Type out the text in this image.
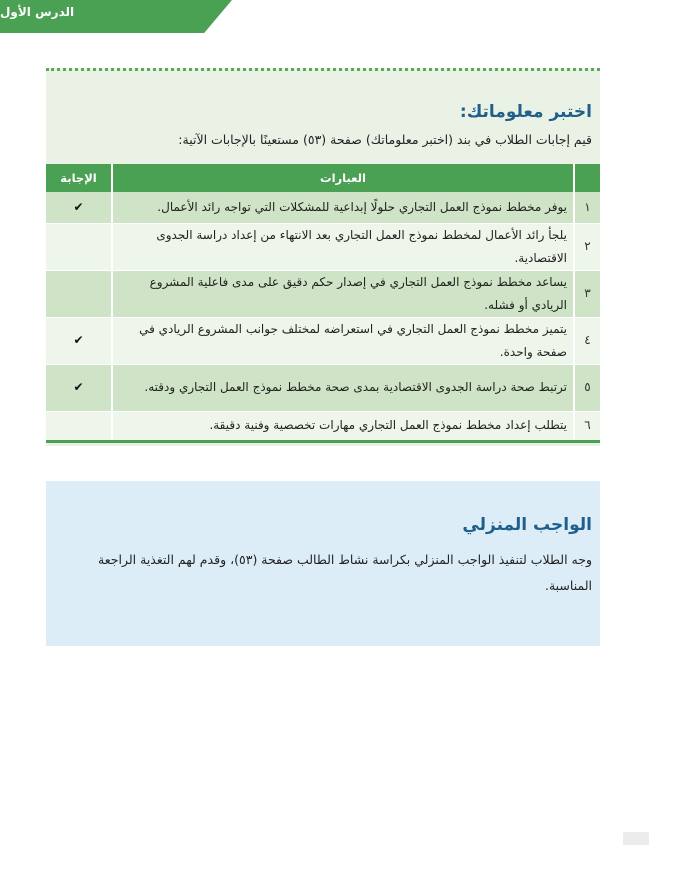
الدرس الأول
اختبر معلوماتك:
قيم إجابات الطلاب في بند (اختبر معلوماتك) صفحة (٥٣) مستعينًا بالإجابات الآتية:
	العبارات	الإجابة
١	يوفر مخطط نموذج العمل التجاري حلولًا إبداعية للمشكلات التي تواجه رائد الأعمال.	✔
٢	يلجأ رائد الأعمال لمخطط نموذج العمل التجاري بعد الانتهاء من إعداد دراسة الجدوى الاقتصادية.	
٣	يساعد مخطط نموذج العمل التجاري في إصدار حكم دقيق على مدى فاعلية المشروع الريادي أو فشله.	
٤	يتميز مخطط نموذج العمل التجاري في استعراضه لمختلف جوانب المشروع الريادي في صفحة واحدة.	✔
٥	ترتبط صحة دراسة الجدوى الاقتصادية بمدى صحة مخطط نموذج العمل التجاري ودقته.	✔
٦	يتطلب إعداد مخطط نموذج العمل التجاري مهارات تخصصية وفنية دقيقة.	
الواجب المنزلي
وجه الطلاب لتنفيذ الواجب المنزلي بكراسة نشاط الطالب صفحة (٥٣)، وقدم لهم التغذية الراجعة المناسبة.
